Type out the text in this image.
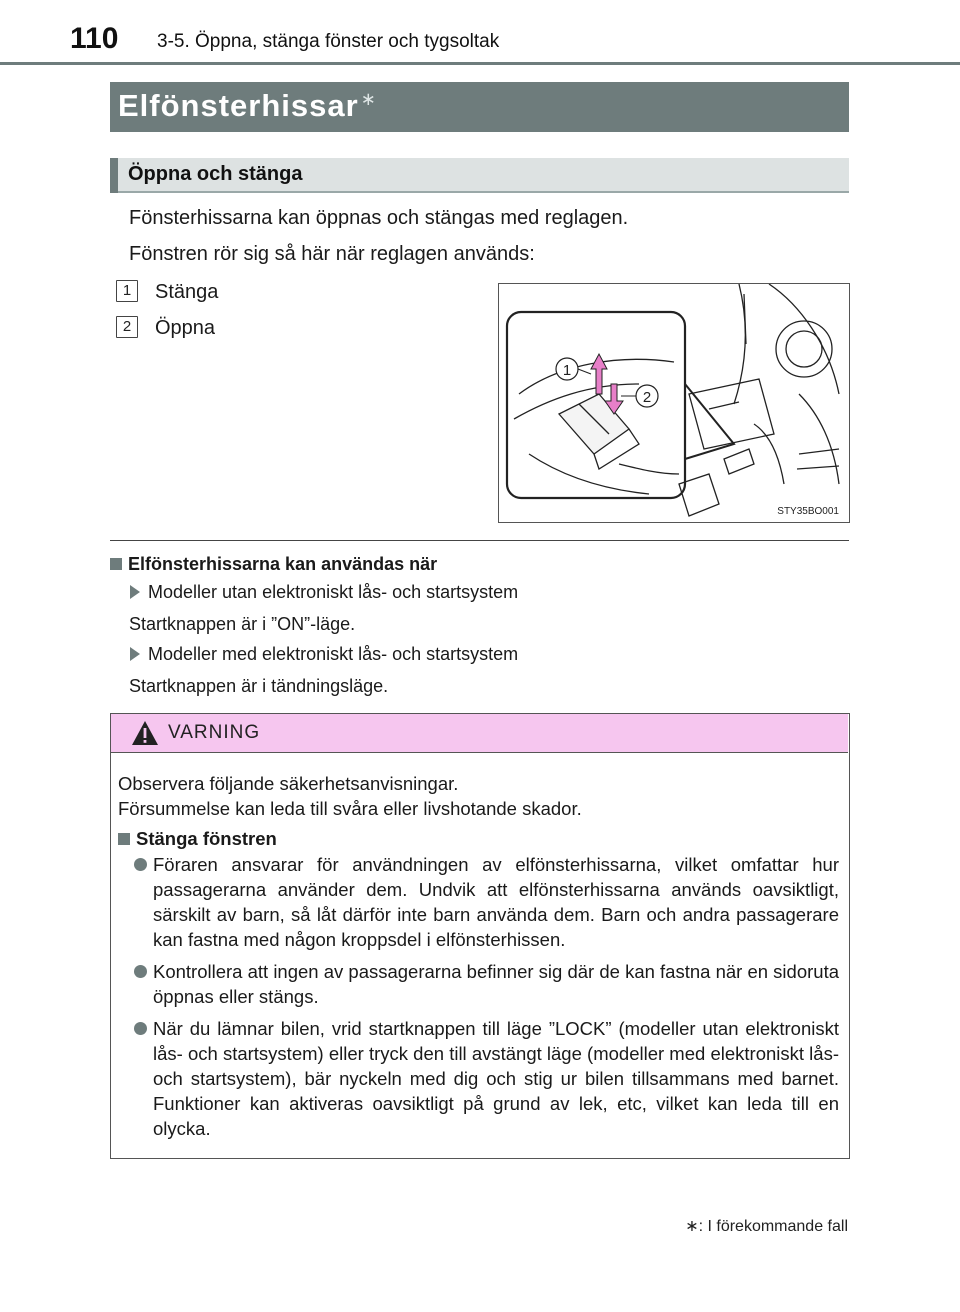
110 3-5. Öppna, stänga fönster och tygsoltak
Elfönsterhissar ∗
Öppna och stänga
Fönsterhissarna kan öppnas och stängas med reglagen.
Fönstren rör sig så här när reglagen används:
1	Stänga
2	Öppna
1
2
STY35BO001
Elfönsterhissarna kan användas när
Modeller utan elektroniskt lås- och startsystem
Startknappen är i ”ON”-läge.
Modeller med elektroniskt lås- och startsystem
Startknappen är i tändningsläge.
VARNING
Observera följande säkerhetsanvisningar.
Försummelse kan leda till svåra eller livshotande skador.
Stänga fönstren
Föraren ansvarar för användningen av elfönsterhissarna, vilket omfattar hur passagerarna använder dem. Undvik att elfönsterhissarna används oavsiktligt, särskilt av barn, så låt därför inte barn använda dem. Barn och andra passagerare kan fastna med någon kroppsdel i elfönsterhissen.
Kontrollera att ingen av passagerarna befinner sig där de kan fastna när en sidoruta öppnas eller stängs.
När du lämnar bilen, vrid startknappen till läge ”LOCK” (modeller utan elektroniskt lås- och startsystem) eller tryck den till avstängt läge (modeller med elektroniskt lås- och startsystem), bär nyckeln med dig och stig ur bilen tillsammans med barnet. Funktioner kan aktiveras oavsiktligt på grund av lek, etc, vilket kan leda till en olycka.
∗: I förekommande fall
